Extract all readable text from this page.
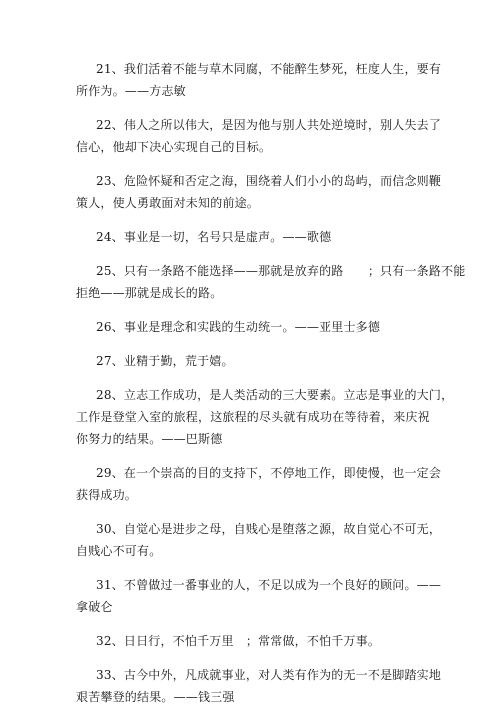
21、我们活着不能与草木同腐，不能醉生梦死，枉度人生，要有
所作为。——方志敏
22、伟人之所以伟大，是因为他与别人共处逆境时，别人失去了
信心，他却下决心实现自己的目标。
23、危险怀疑和否定之海，围绕着人们小小的岛屿，而信念则鞭
策人，使人勇敢面对未知的前途。
24、事业是一切，名号只是虚声。——歌德
25、只有一条路不能选择——那就是放弃的路　　；只有一条路不能
拒绝——那就是成长的路。
26、事业是理念和实践的生动统一。——亚里士多德
27、业精于勤，荒于嬉。
28、立志工作成功，是人类活动的三大要素。立志是事业的大门，
工作是登堂入室的旅程，这旅程的尽头就有成功在等待着，来庆祝
你努力的结果。——巴斯德
29、在一个崇高的目的支持下，不停地工作，即使慢，也一定会
获得成功。
30、自觉心是进步之母，自贱心是堕落之源，故自觉心不可无，
自贱心不可有。
31、不曾做过一番事业的人，不足以成为一个良好的顾问。——
拿破仑
32、日日行，不怕千万里　；常常做，不怕千万事。
33、古今中外，凡成就事业，对人类有作为的无一不是脚踏实地
艰苦攀登的结果。——钱三强
